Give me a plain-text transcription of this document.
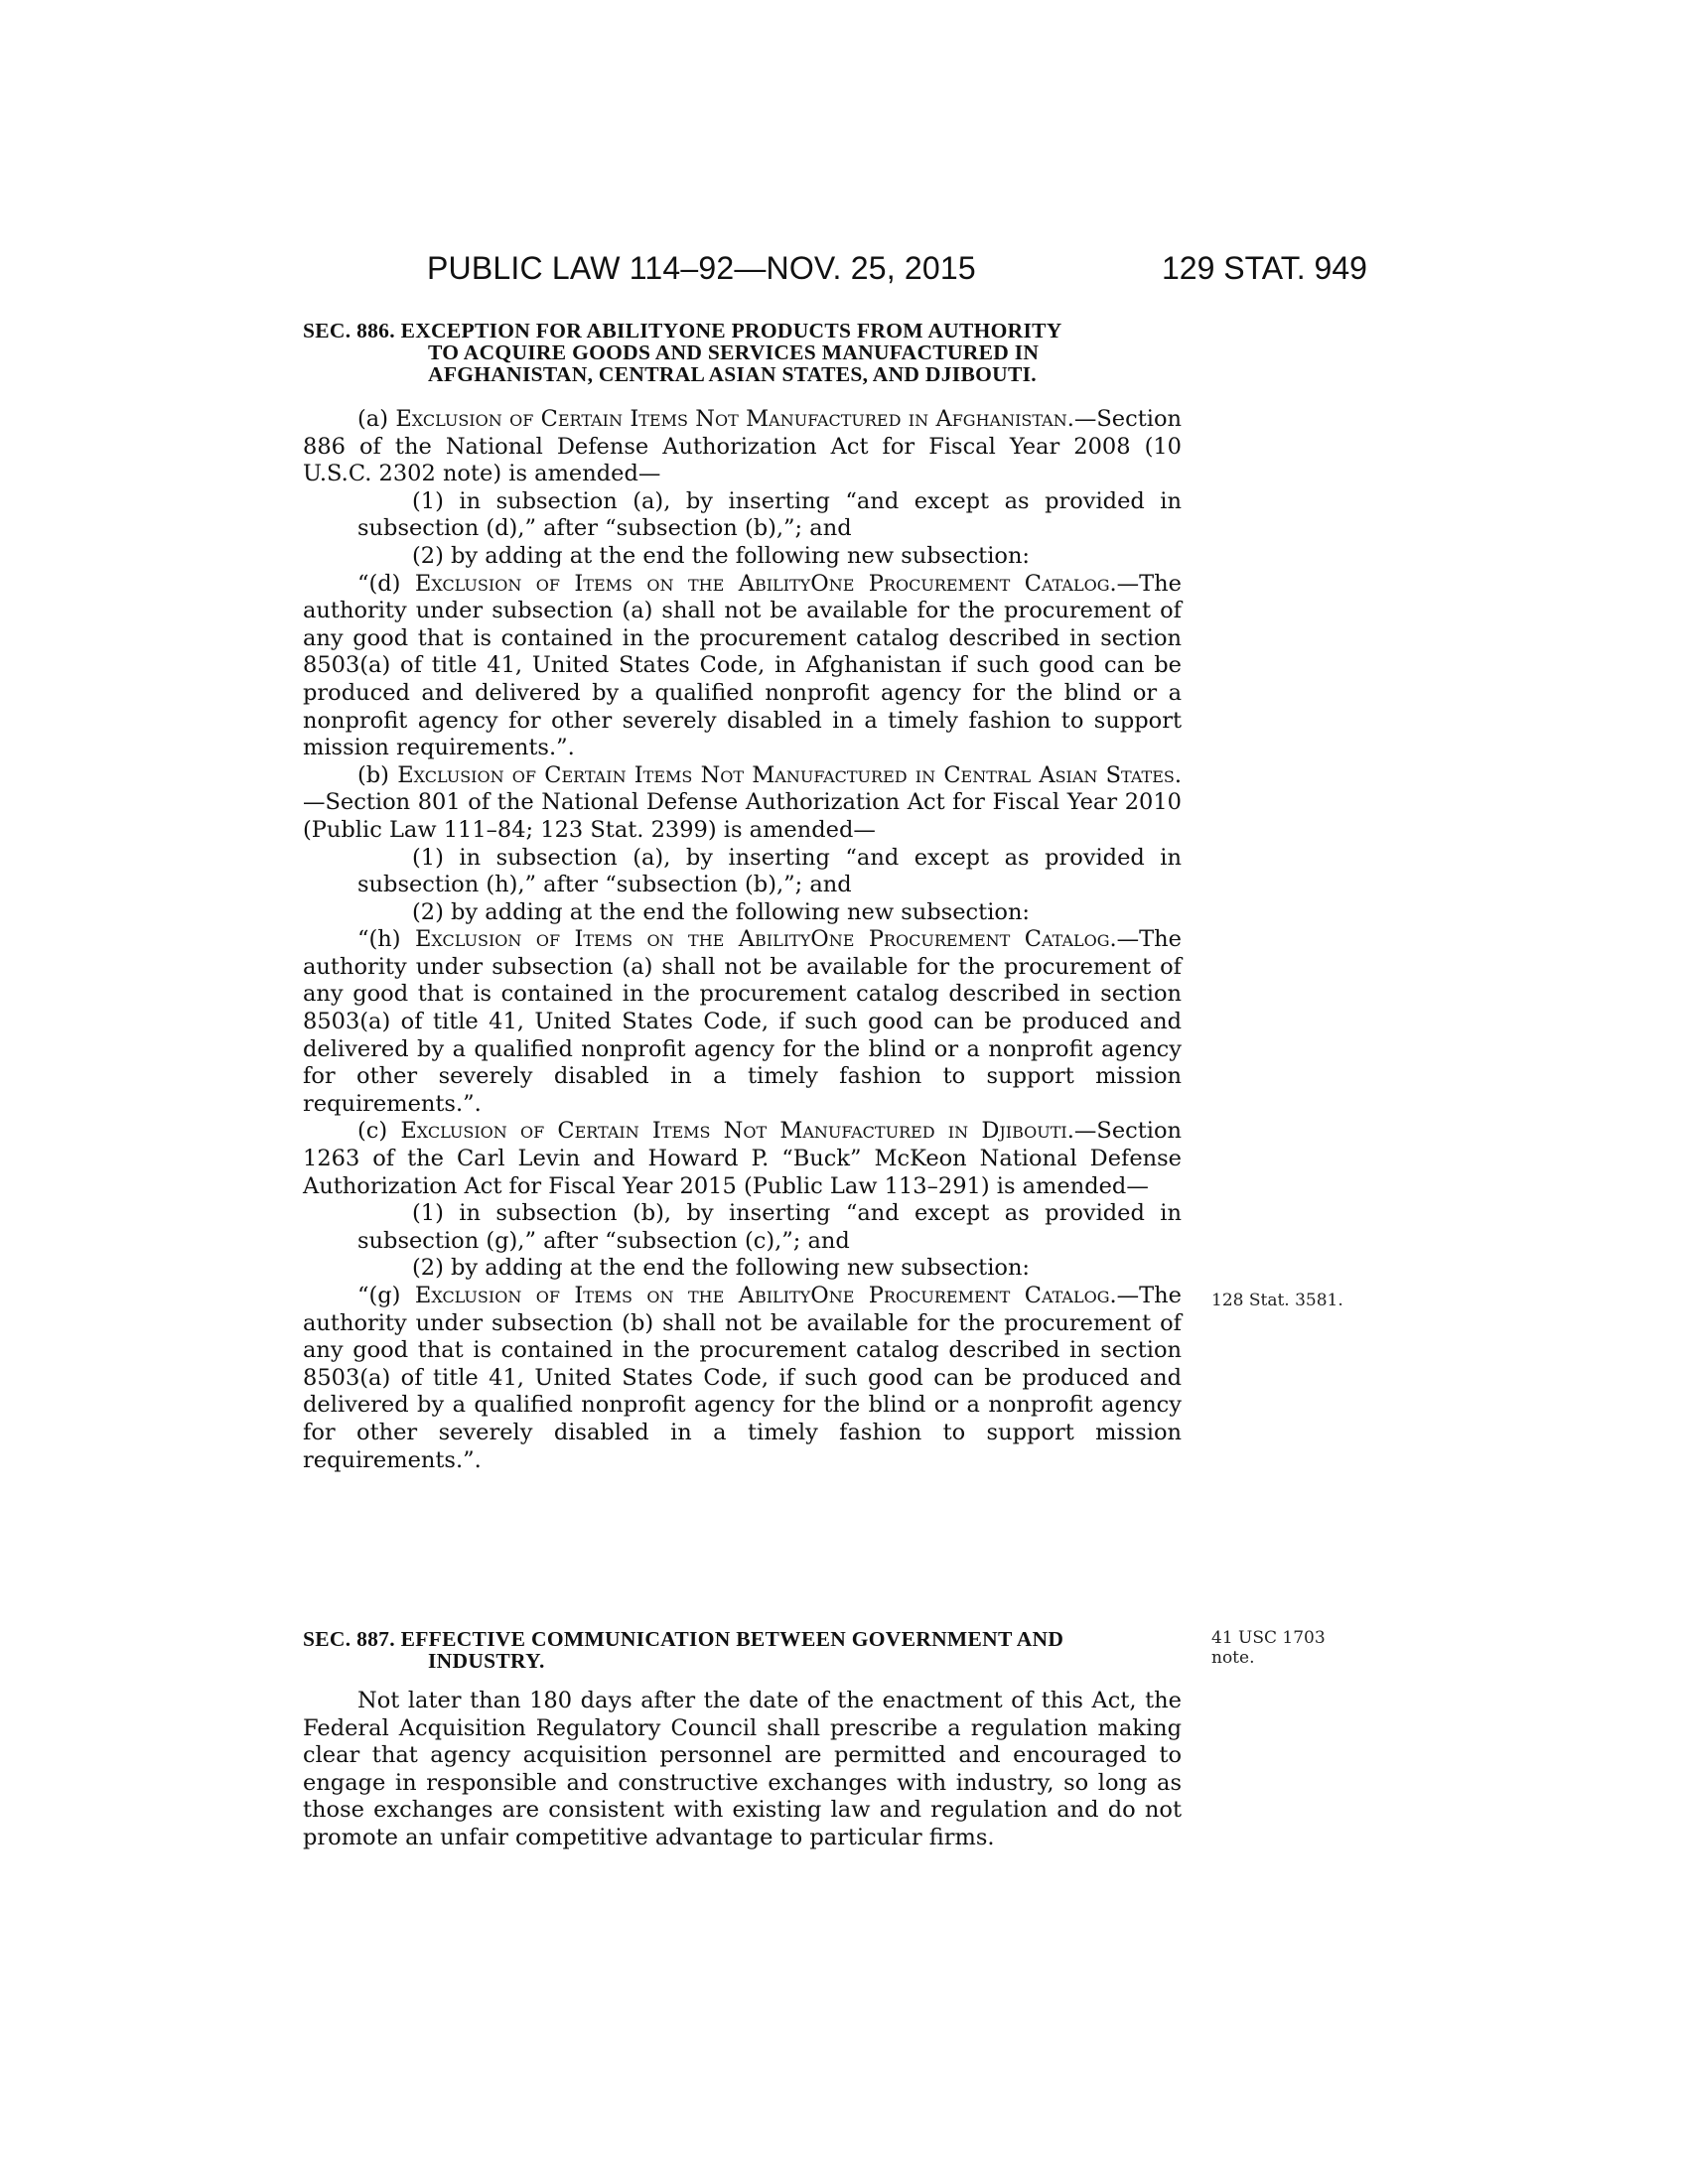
PUBLIC LAW 114–92—NOV. 25, 2015	129 STAT. 949
SEC. 886. EXCEPTION FOR ABILITYONE PRODUCTS FROM AUTHORITY
TO ACQUIRE GOODS AND SERVICES MANUFACTURED IN
AFGHANISTAN, CENTRAL ASIAN STATES, AND DJIBOUTI.

(a) Exclusion of Certain Items Not Manufactured in Afghanistan.—Section 886 of the National Defense Authorization Act for Fiscal Year 2008 (10 U.S.C. 2302 note) is amended—

(1) in subsection (a), by inserting “and except as provided in subsection (d),” after “subsection (b),”; and

(2) by adding at the end the following new subsection:

“(d) Exclusion of Items on the AbilityOne Procurement Catalog.—The authority under subsection (a) shall not be available for the procurement of any good that is contained in the procurement catalog described in section 8503(a) of title 41, United States Code, in Afghanistan if such good can be produced and delivered by a qualified nonprofit agency for the blind or a nonprofit agency for other severely disabled in a timely fashion to support mission requirements.”.

(b) Exclusion of Certain Items Not Manufactured in Central Asian States.—Section 801 of the National Defense Authorization Act for Fiscal Year 2010 (Public Law 111–84; 123 Stat. 2399) is amended—

(1) in subsection (a), by inserting “and except as provided in subsection (h),” after “subsection (b),”; and

(2) by adding at the end the following new subsection:

“(h) Exclusion of Items on the AbilityOne Procurement Catalog.—The authority under subsection (a) shall not be available for the procurement of any good that is contained in the procurement catalog described in section 8503(a) of title 41, United States Code, if such good can be produced and delivered by a qualified nonprofit agency for the blind or a nonprofit agency for other severely disabled in a timely fashion to support mission requirements.”.

(c) Exclusion of Certain Items Not Manufactured in Djibouti.—Section 1263 of the Carl Levin and Howard P. “Buck” McKeon National Defense Authorization Act for Fiscal Year 2015 (Public Law 113–291) is amended—

(1) in subsection (b), by inserting “and except as provided in subsection (g),” after “subsection (c),”; and

(2) by adding at the end the following new subsection:

“(g) Exclusion of Items on the AbilityOne Procurement Catalog.—The authority under subsection (b) shall not be available for the procurement of any good that is contained in the procurement catalog described in section 8503(a) of title 41, United States Code, if such good can be produced and delivered by a qualified nonprofit agency for the blind or a nonprofit agency for other severely disabled in a timely fashion to support mission requirements.”.

128 Stat. 3581.
SEC. 887. EFFECTIVE COMMUNICATION BETWEEN GOVERNMENT AND
INDUSTRY.
41 USC 1703
note.

Not later than 180 days after the date of the enactment of this Act, the Federal Acquisition Regulatory Council shall prescribe a regulation making clear that agency acquisition personnel are permitted and encouraged to engage in responsible and constructive exchanges with industry, so long as those exchanges are consistent with existing law and regulation and do not promote an unfair competitive advantage to particular firms.
